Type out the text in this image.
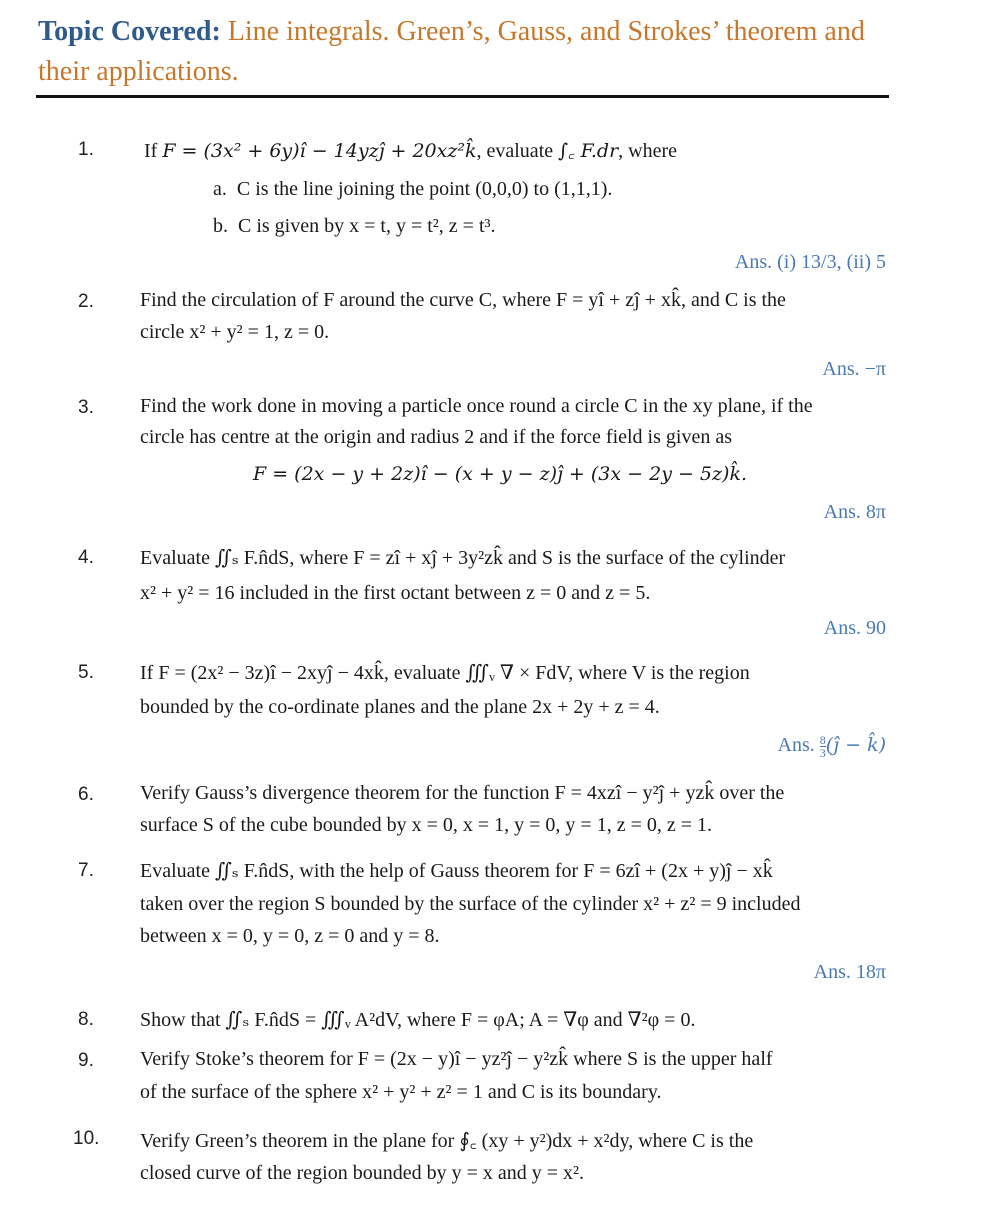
Topic Covered: Line integrals. Green’s, Gauss, and Strokes’ theorem and their applications.
1.	If F = (3x² + 6y)î − 14yzĵ + 20xz²k̂, evaluate ∫꜀ F.dr, where
a. C is the line joining the point (0,0,0) to (1,1,1).
b. C is given by x = t, y = t², z = t³.
Ans. (i) 13/3, (ii) 5
2. Find the circulation of F around the curve C, where F = yî + zĵ + xk̂, and C is the
circle x² + y² = 1, z = 0.
Ans. −π
3. Find the work done in moving a particle once round a circle C in the xy plane, if the
circle has centre at the origin and radius 2 and if the force field is given as
F = (2x − y + 2z)î − (x + y − z)ĵ + (3x − 2y − 5z)k̂.
Ans. 8π
4. Evaluate ∬ₛ F.n̂dS, where F = zî + xĵ + 3y²zk̂ and S is the surface of the cylinder
x² + y² = 16 included in the first octant between z = 0 and z = 5.
Ans. 90
5. If F = (2x² − 3z)î − 2xyĵ − 4xk̂, evaluate ∭ᵥ ∇ × FdV, where V is the region
bounded by the co-ordinate planes and the plane 2x + 2y + z = 4.
Ans. $\frac{8}{3}$ (ĵ − k̂)
6. Verify Gauss’s divergence theorem for the function F = 4xzî − y²ĵ + yzk̂ over the
surface S of the cube bounded by x = 0, x = 1, y = 0, y = 1, z = 0, z = 1.
7. Evaluate ∬ₛ F.n̂dS, with the help of Gauss theorem for F = 6zî + (2x + y)ĵ − xk̂
taken over the region S bounded by the surface of the cylinder x² + z² = 9 included
between x = 0, y = 0, z = 0 and y = 8.
Ans. 18π
8. Show that ∬ₛ F.n̂dS = ∭ᵥ A²dV, where F = φA; A = ∇φ and ∇²φ = 0.
9. Verify Stoke’s theorem for F = (2x − y)î − yz²ĵ − y²zk̂ where S is the upper half
of the surface of the sphere x² + y² + z² = 1 and C is its boundary.
10. Verify Green’s theorem in the plane for ∮꜀ (xy + y²)dx + x²dy, where C is the
closed curve of the region bounded by y = x and y = x².
